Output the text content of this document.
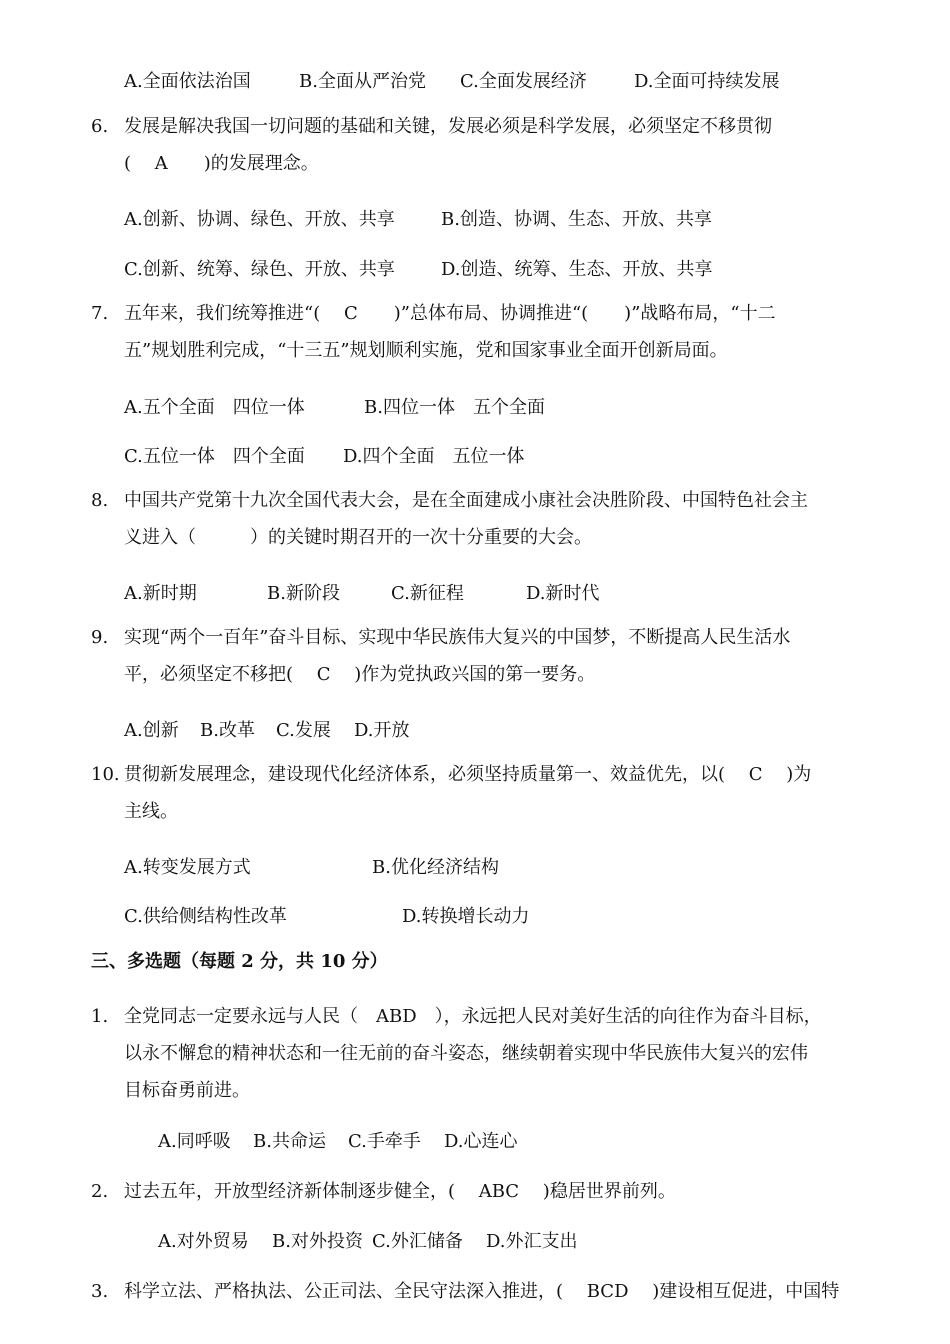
A.全面依法治国	B.全面从严治党 C.全面发展经济	D.全面可持续发展
6. 发展是解决我国一切问题的基础和关键，发展必须是科学发展，必须坚定不移贯彻
(　 A　　)的发展理念。
A.创新、协调、绿色、开放、共享	B.创造、协调、生态、开放、共享
C.创新、统筹、绿色、开放、共享	D.创造、统筹、生态、开放、共享
7. 五年来，我们统筹推进“(　 C　　)”总体布局、协调推进“(　　)”战略布局，“十二
五”规划胜利完成，“十三五”规划顺利实施，党和国家事业全面开创新局面。
A.五个全面　四位一体	B.四位一体　五个全面
C.五位一体　四个全面 D.四个全面　五位一体
8. 中国共产党第十九次全国代表大会，是在全面建成小康社会决胜阶段、中国特色社会主
义进入（　　　）的关键时期召开的一次十分重要的大会。
A.新时期	B.新阶段	C.新征程	D.新时代
9. 实现“两个一百年”奋斗目标、实现中华民族伟大复兴的中国梦，不断提高人民生活水
平，必须坚定不移把(　 C　 )作为党执政兴国的第一要务。
A.创新 B.改革 C.发展 D.开放
10. 贯彻新发展理念，建设现代化经济体系，必须坚持质量第一、效益优先，以(　 C　 )为
主线。
A.转变发展方式	B.优化经济结构
C.供给侧结构性改革	D.转换增长动力
三、多选题（每题 2 分，共 10 分）
1. 全党同志一定要永远与人民（　ABD　），永远把人民对美好生活的向往作为奋斗目标，
以永不懈怠的精神状态和一往无前的奋斗姿态，继续朝着实现中华民族伟大复兴的宏伟
目标奋勇前进。
A.同呼吸 B.共命运 C.手牵手 D.心连心
2. 过去五年，开放型经济新体制逐步健全，(　 ABC　 )稳居世界前列。
A.对外贸易 B.对外投资 C.外汇储备 D.外汇支出
3. 科学立法、严格执法、公正司法、全民守法深入推进，(　 BCD　 )建设相互促进，中国特
